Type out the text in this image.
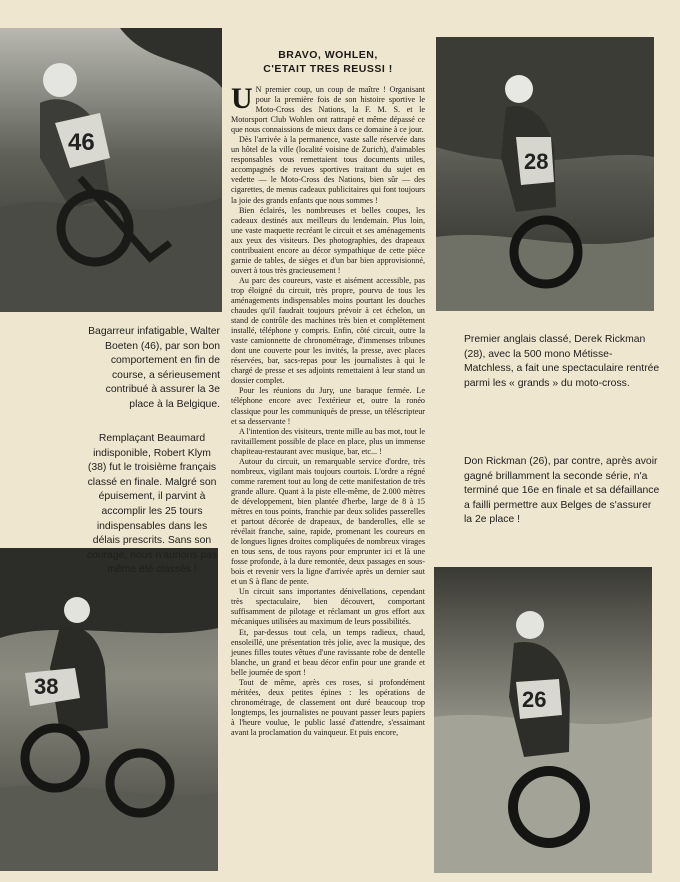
46
28
38
26
Bagarreur infatigable, Walter Boeten (46), par son bon comportement en fin de course, a sérieusement contribué à assurer la 3e place à la Belgique.
Remplaçant Beaumard indisponible, Robert Klym (38) fut le troisième français classé en finale. Malgré son épuisement, il parvint à accomplir les 25 tours indispensables dans les délais prescrits. Sans son courage, nous n'aurions pas même été classés !
Premier anglais classé, Derek Rickman (28), avec la 500 mono Métisse-Matchless, a fait une spectaculaire rentrée parmi les « grands » du moto-cross.
Don Rickman (26), par contre, après avoir gagné brillamment la seconde série, n'a terminé que 16e en finale et sa défaillance a failli permettre aux Belges de s'assurer la 2e place !
BRAVO, WOHLEN,
C'ETAIT TRES REUSSI !
U N premier coup, un coup de maître ! Organisant pour la première fois de son histoire sportive le Moto-Cross des Nations, la F. M. S. et le Motorsport Club Wohlen ont rattrapé et même dépassé ce que nous connaissions de mieux dans ce domaine à ce jour.

Dès l'arrivée à la permanence, vaste salle réservée dans un hôtel de la ville (localité voisine de Zurich), d'aimables responsables vous remettaient tous documents utiles, accompagnés de revues sportives traitant du sujet en vedette — le Moto-Cross des Nations, bien sûr — des cigarettes, de menus cadeaux publicitaires qui font toujours la joie des grands enfants que nous sommes !

Bien éclairés, les nombreuses et belles coupes, les cadeaux destinés aux meilleurs du lendemain. Plus loin, une vaste maquette recréant le circuit et ses aménagements aux yeux des visiteurs. Des photographies, des drapeaux contribuaient encore au décor sympathique de cette pièce garnie de tables, de sièges et d'un bar bien approvisionné, ouvert à tous très gracieusement !

Au parc des coureurs, vaste et aisément accessible, pas trop éloigné du circuit, très propre, pourvu de tous les aménagements indispensables moins pourtant les douches chaudes qu'il faudrait toujours prévoir à cet échelon, un stand de contrôle des machines très bien et complètement installé, téléphone y compris. Enfin, côté circuit, outre la vaste camionnette de chronométrage, d'immenses tribunes dont une couverte pour les invités, la presse, avec places réservées, bar, sacs-repas pour les journalistes à qui le chargé de presse et ses adjoints remettaient à leur stand un dossier complet.

Pour les réunions du Jury, une baraque fermée. Le téléphone encore avec l'extérieur et, outre la ronéo classique pour les communiqués de presse, un téléscripteur et sa desservante !

A l'intention des visiteurs, trente mille au bas mot, tout le ravitaillement possible de place en place, plus un immense chapiteau-restaurant avec musique, bar, etc... !

Autour du circuit, un remarquable service d'ordre, très nombreux, vigilant mais toujours courtois. L'ordre a régné comme rarement tout au long de cette manifestation de très grande allure. Quant à la piste elle-même, de 2.000 mètres de développement, bien plantée d'herbe, large de 8 à 15 mètres en tous points, franchie par deux solides passerelles et partout décorée de drapeaux, de banderolles, elle se révélait franche, saine, rapide, promenant les coureurs en de longues lignes droites compliquées de nombreux virages en tous sens, de tous rayons pour emprunter ici et là une fosse profonde, à la dure remontée, deux passages en sous-bois et revenir vers la ligne d'arrivée après un dernier saut et un S à flanc de pente.

Un circuit sans importantes dénivellations, cependant très spectaculaire, bien découvert, comportant suffisamment de pilotage et réclamant un gros effort aux mécaniques utilisées au maximum de leurs possibilités.

Et, par-dessus tout cela, un temps radieux, chaud, ensoleillé, une présentation très jolie, avec la musique, des jeunes filles toutes vêtues d'une ravissante robe de dentelle blanche, un grand et beau décor enfin pour une grande et belle journée de sport !

Tout de même, après ces roses, si profondément méritées, deux petites épines : les opérations de chronométrage, de classement ont duré beaucoup trop longtemps, les journalistes ne pouvant passer leurs papiers à l'heure voulue, le public lassé d'attendre, s'essaimant avant la proclamation du vainqueur. Et puis encore,
